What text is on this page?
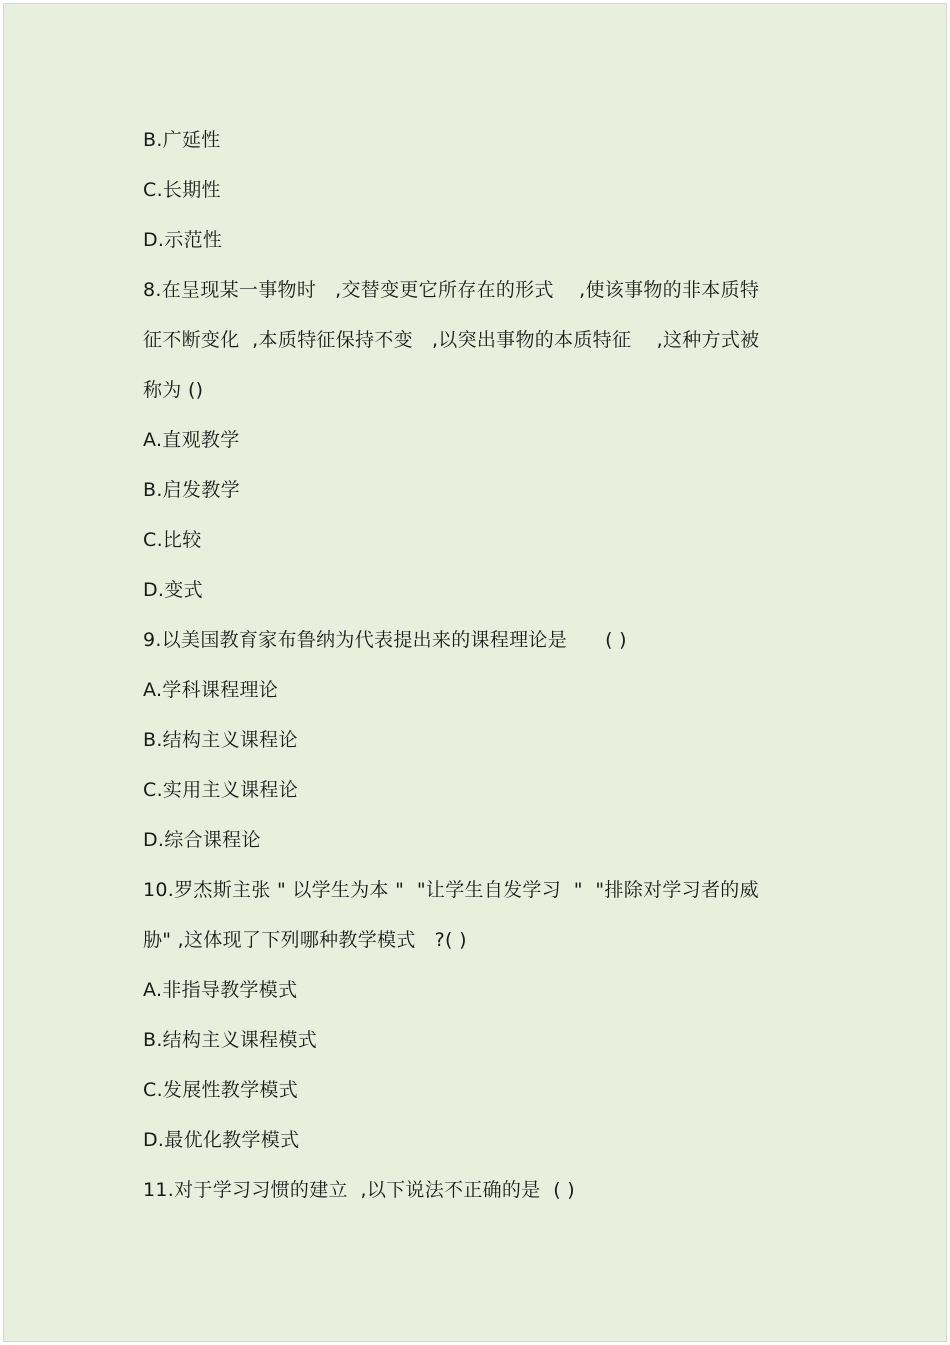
B.广延性
C.长期性
D.示范性
8.在呈现某一事物时   ,交替变更它所存在的形式    ,使该事物的非本质特
征不断变化  ,本质特征保持不变   ,以突出事物的本质特征    ,这种方式被
称为 ()
A.直观教学
B.启发教学
C.比较
D.变式
9.以美国教育家布鲁纳为代表提出来的课程理论是      ( )
A.学科课程理论
B.结构主义课程论
C.实用主义课程论
D.综合课程论
10.罗杰斯主张 " 以学生为本 "  "让学生自发学习  "  "排除对学习者的威
胁" ,这体现了下列哪种教学模式   ?( )
A.非指导教学模式
B.结构主义课程模式
C.发展性教学模式
D.最优化教学模式
11.对于学习习惯的建立  ,以下说法不正确的是  ( )
